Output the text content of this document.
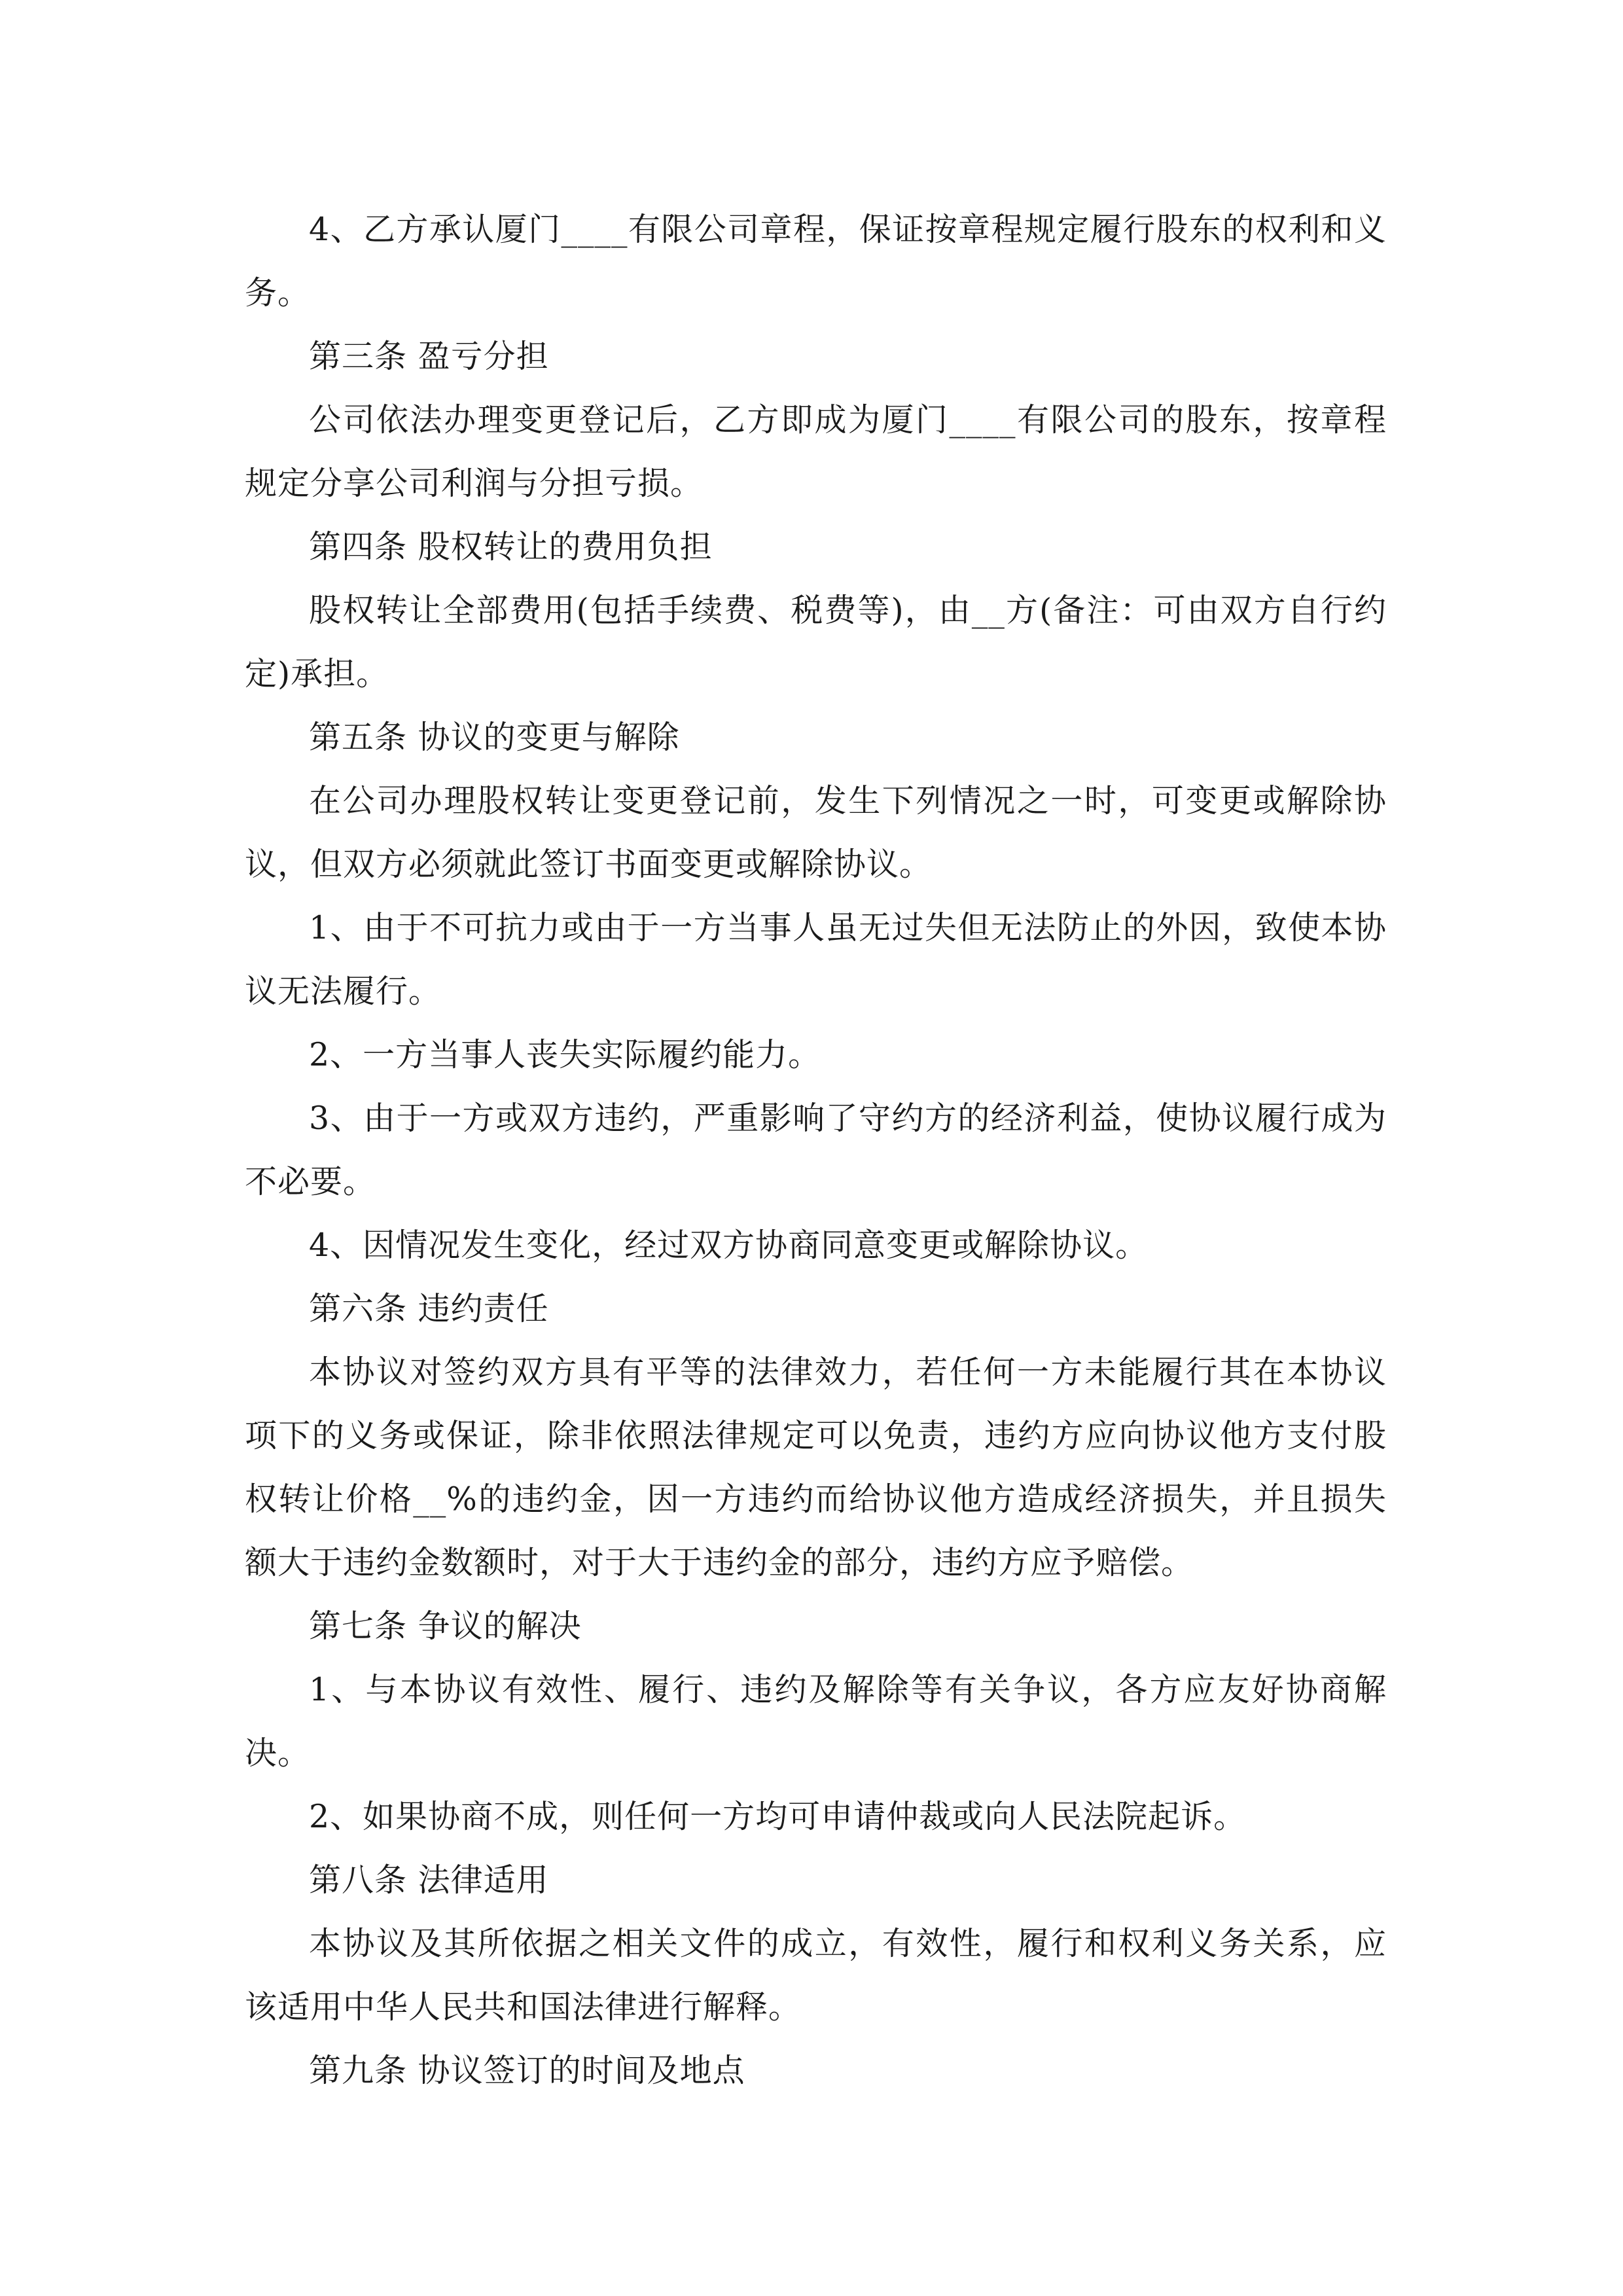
4、乙方承认厦门____有限公司章程，保证按章程规定履行股东的权利和义务。

第三条 盈亏分担

公司依法办理变更登记后，乙方即成为厦门____有限公司的股东，按章程规定分享公司利润与分担亏损。

第四条 股权转让的费用负担

股权转让全部费用(包括手续费、税费等)，由__方(备注：可由双方自行约定)承担。

第五条 协议的变更与解除

在公司办理股权转让变更登记前，发生下列情况之一时，可变更或解除协议，但双方必须就此签订书面变更或解除协议。

1、由于不可抗力或由于一方当事人虽无过失但无法防止的外因，致使本协议无法履行。

2、一方当事人丧失实际履约能力。

3、由于一方或双方违约，严重影响了守约方的经济利益，使协议履行成为不必要。

4、因情况发生变化，经过双方协商同意变更或解除协议。

第六条 违约责任

本协议对签约双方具有平等的法律效力，若任何一方未能履行其在本协议项下的义务或保证，除非依照法律规定可以免责，违约方应向协议他方支付股权转让价格__%的违约金，因一方违约而给协议他方造成经济损失，并且损失额大于违约金数额时，对于大于违约金的部分，违约方应予赔偿。

第七条 争议的解决

1、与本协议有效性、履行、违约及解除等有关争议，各方应友好协商解决。

2、如果协商不成，则任何一方均可申请仲裁或向人民法院起诉。

第八条 法律适用

本协议及其所依据之相关文件的成立，有效性，履行和权利义务关系，应该适用中华人民共和国法律进行解释。

第九条 协议签订的时间及地点
